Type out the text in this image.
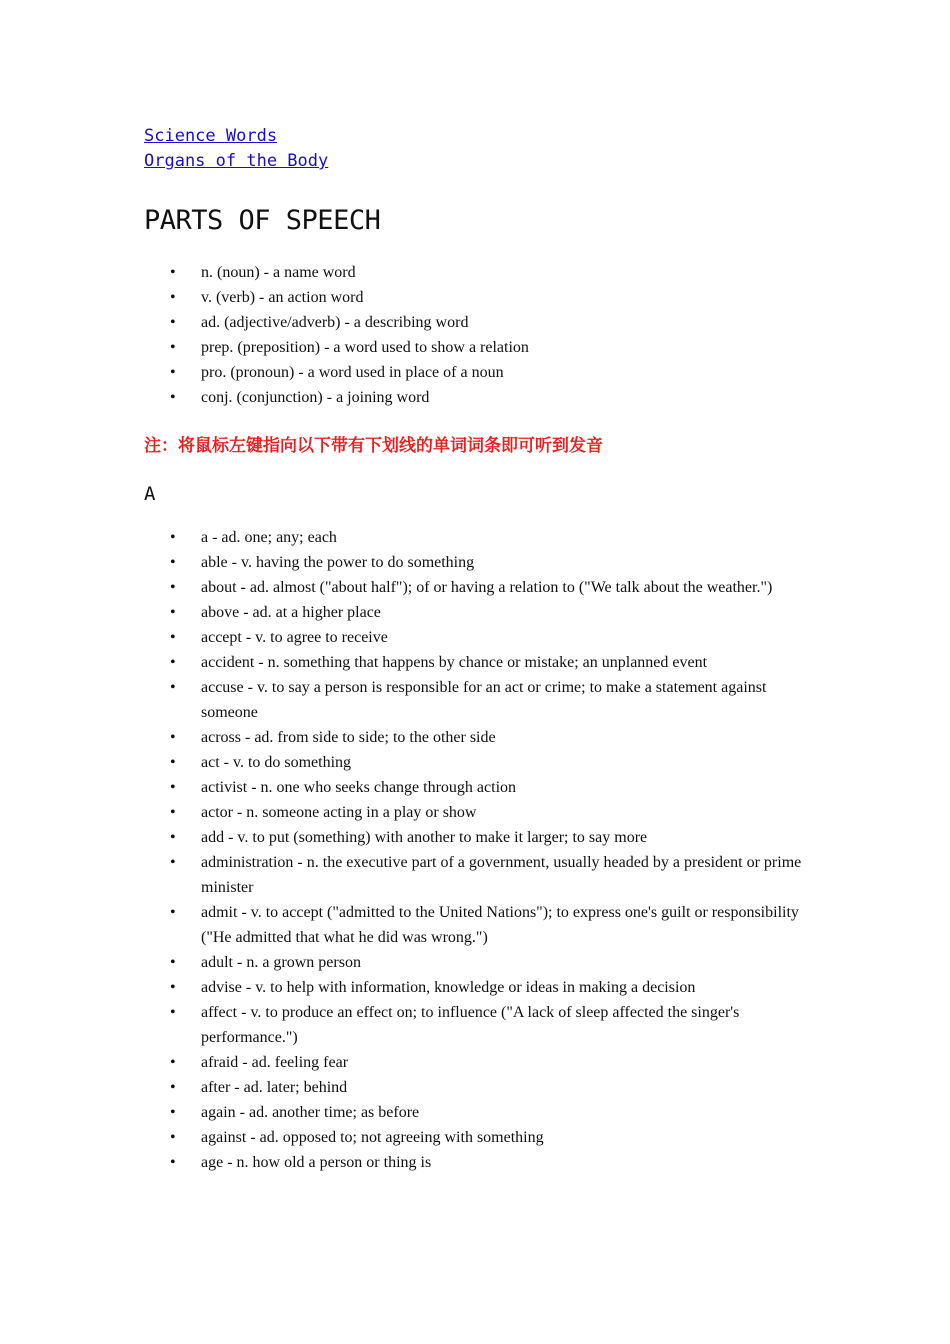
Science Words
Organs of the Body
PARTS OF SPEECH
• n. (noun) - a name word
• v. (verb) - an action word
• ad. (adjective/adverb) - a describing word
• prep. (preposition) - a word used to show a relation
• pro. (pronoun) - a word used in place of a noun
• conj. (conjunction) - a joining word
注：将鼠标左键指向以下带有下划线的单词词条即可听到发音
A
• a - ad. one; any; each
• able - v. having the power to do something
• about - ad. almost ("about half"); of or having a relation to ("We talk about the weather.")
• above - ad. at a higher place
• accept - v. to agree to receive
• accident - n. something that happens by chance or mistake; an unplanned event
• accuse - v. to say a person is responsible for an act or crime; to make a statement against someone
• across - ad. from side to side; to the other side
• act - v. to do something
• activist - n. one who seeks change through action
• actor - n. someone acting in a play or show
• add - v. to put (something) with another to make it larger; to say more
• administration - n. the executive part of a government, usually headed by a president or prime minister
• admit - v. to accept ("admitted to the United Nations"); to express one's guilt or responsibility ("He admitted that what he did was wrong.")
• adult - n. a grown person
• advise - v. to help with information, knowledge or ideas in making a decision
• affect - v. to produce an effect on; to influence ("A lack of sleep affected the singer's performance.")
• afraid - ad. feeling fear
• after - ad. later; behind
• again - ad. another time; as before
• against - ad. opposed to; not agreeing with something
• age - n. how old a person or thing is
